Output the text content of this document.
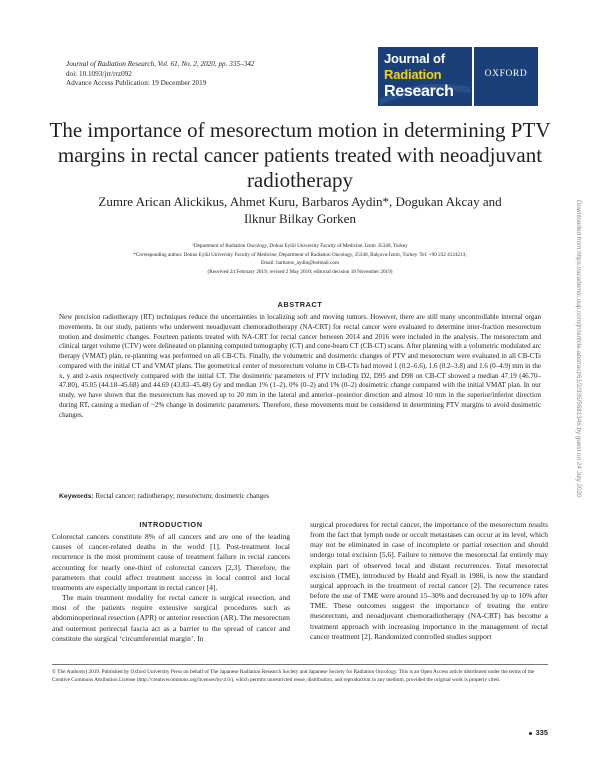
Journal of Radiation Research, Vol. 61, No. 2, 2020, pp. 335–342
doi: 10.1093/jrr/rrz092
Advance Access Publication: 19 December 2019
Journal of
Radiation
Research
OXFORD
The importance of mesorectum motion in determining PTV margins in rectal cancer patients treated with neoadjuvant radiotherapy
Zumre Arican Alickikus, Ahmet Kuru, Barbaros Aydin*, Dogukan Akcay and
Ilknur Bilkay Gorken
¹Department of Radiation Oncology, Dokuz Eylül University Faculty of Medicine, İzmir 35340, Turkey
*Corresponding author. Dokuz Eylül University Faculty of Medicine, Department of Radiation Oncology, 35340, Balçova-İzmir, Turkey. Tel: +90 232 4124213;
Email: barbaros_aydin@hotmail.com
(Received 24 February 2019; revised 2 May 2010; editorial decision 18 November 2019)
ABSTRACT
New precision radiotherapy (RT) techniques reduce the uncertainties in localizing soft and moving tumors. However, there are still many uncontrollable internal organ movements. In our study, patients who underwent neoadjuvant chemoradiotherapy (NA-CRT) for rectal cancer were evaluated to determine inter-fraction mesorectum motion and dosimetric changes. Fourteen patients treated with NA-CRT for rectal cancer between 2014 and 2016 were included in the analysis. The mesorectum and clinical target volume (CTV) were delineated on planning computed tomography (CT) and cone-beam CT (CB-CT) scans. After planning with a volumetric modulated arc therapy (VMAT) plan, re-planning was performed on all CB-CTs. Finally, the volumetric and dosimetric changes of PTV and mesorectum were evaluated in all CB-CTs compared with the initial CT and VMAT plans. The geometrical center of mesorectum volume in CB-CTs had moved 1 (0.2–6.6), 1.6 (0.2–3.8) and 1.6 (0–4.9) mm in the x, y and z-axis respectively compared with the initial CT. The dosimetric parameters of PTV including D2, D95 and D98 on CB-CT showed a median 47.19 (46.70–47.80), 45.05 (44.18–45.68) and 44.69 (43.83–45.48) Gy and median 1% (1–2), 0% (0–2) and 1% (0–2) dosimetric change compared with the initial VMAT plan. In our study, we have shown that the mesorectum has moved up to 20 mm in the lateral and anterior–posterior direction and almost 10 mm in the superior/inferior direction during RT, causing a median of ~2% change in dosimetric parameters. Therefore, these movements must be considered in determining PTV margins to avoid dosimetric changes.
Keywords: Rectal cancer; radiotherapy; mesorectum; dosimetric changes
INTRODUCTION

Colorectal cancers constitute 8% of all cancers and are one of the leading causes of cancer-related deaths in the world [1]. Post-treatment local recurrence is the most prominent cause of treatment failure in rectal cancers accounting for nearly one-third of colorectal cancers [2,3]. Therefore, the parameters that could affect treatment success in local control and local treatments are especially important in rectal cancer [4].

The main treatment modality for rectal cancer is surgical resection, and most of the patients require extensive surgical procedures such as abdominoperineal resection (APR) or anterior resection (AR). The mesorectum and outermost perirectal fascia act as a barrier to the spread of cancer and constitute the surgical ‘circumferential margin’. In

surgical procedures for rectal cancer, the importance of the mesorectum results from the fact that lymph node or occult metastases can occur at its level, which may not be eliminated in case of incomplete or partial resection and should undergo total excision [5,6]. Failure to remove the mesorectal fat entirely may explain part of observed local and distant recurrences. Total mesorectal excision (TME), introduced by Heald and Ryall in 1986, is now the standard surgical approach in the treatment of rectal cancer [2]. The recurrence rates before the use of TME were around 15–30% and decreased by up to 10% after TME. These outcomes suggest the importance of treating the entire mesorectum, and neoadjuvant chemoradiotherapy (NA-CRT) has become a treatment approach with increasing importance in the management of rectal cancer treatment [2]. Randomized controlled studies support

© The Author(s) 2019. Published by Oxford University Press on behalf of The Japanese Radiation Research Society and Japanese Society for Radiation Oncology. This is an Open Access article distributed under the terms of the Creative Commons Attribution License (http://creativecommons.org/licenses/by/4.0/), which permits unrestricted reuse, distribution, and reproduction in any medium, provided the original work is properly cited.
335
Downloaded from https://academic.oup.com/jrr/article-abstract/61/2/335/5681346 by guest on 24 July 2020
